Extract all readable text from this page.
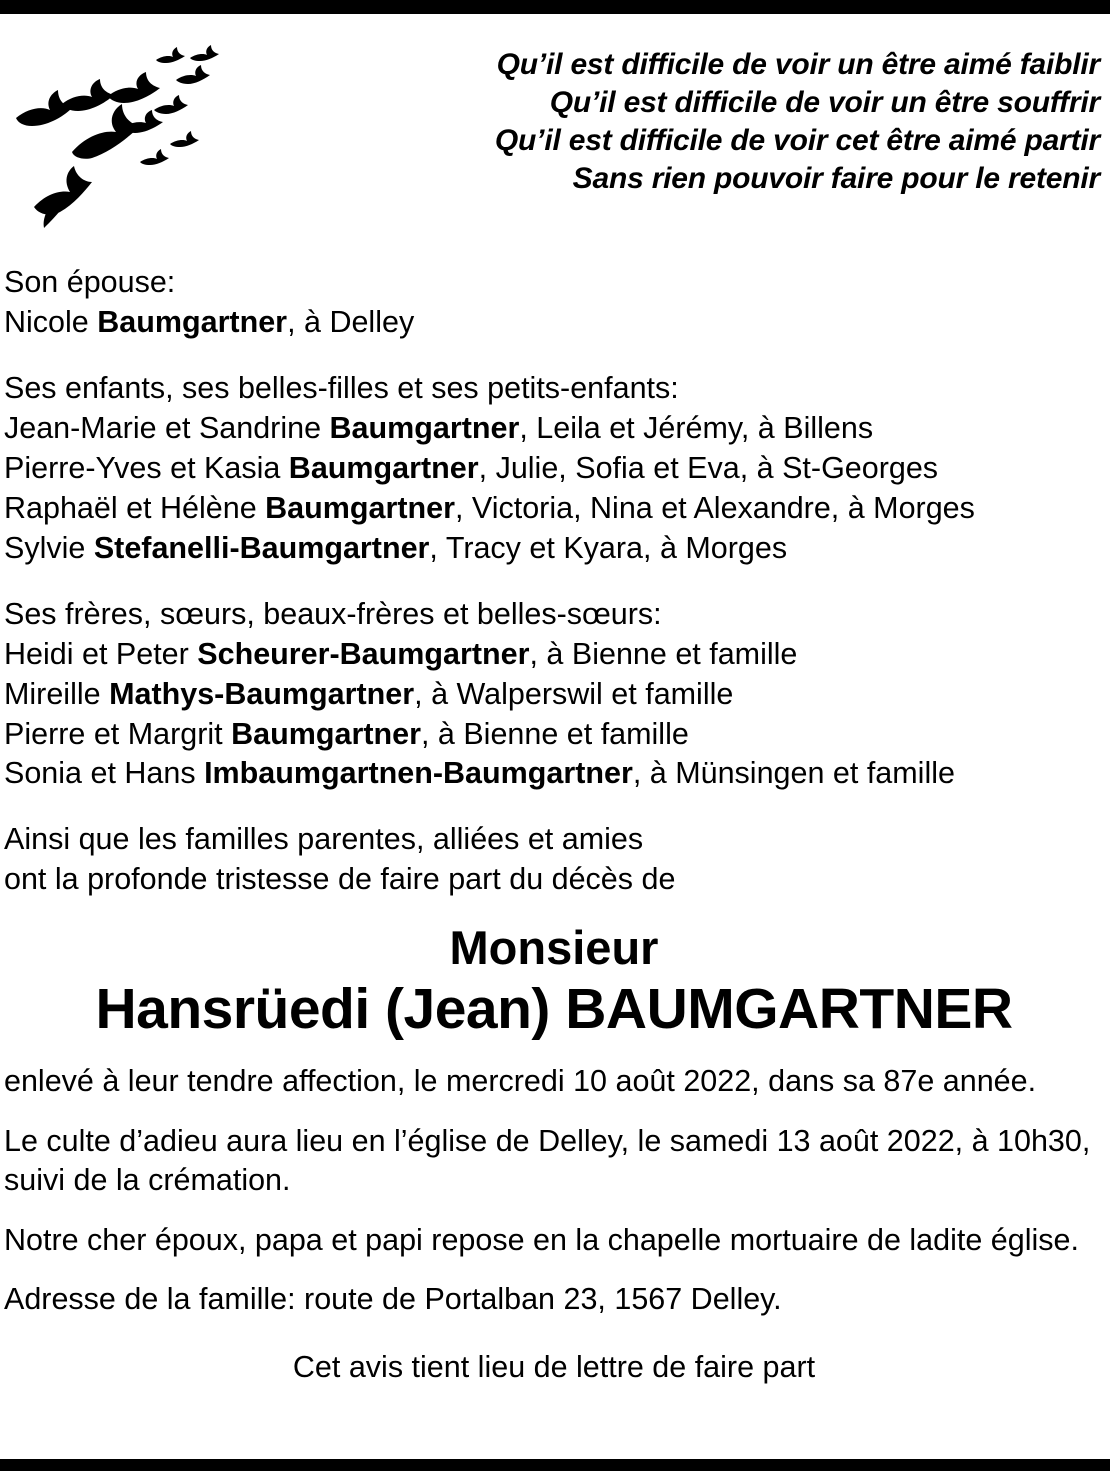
Qu’il est difficile de voir un être aimé faiblir
Qu’il est difficile de voir un être souffrir
Qu’il est difficile de voir cet être aimé partir
Sans rien pouvoir faire pour le retenir
Son épouse:
Nicole Baumgartner, à Delley
Ses enfants, ses belles-filles et ses petits-enfants:
Jean-Marie et Sandrine Baumgartner, Leila et Jérémy, à Billens
Pierre-Yves et Kasia Baumgartner, Julie, Sofia et Eva, à St-Georges
Raphaël et Hélène Baumgartner, Victoria, Nina et Alexandre, à Morges
Sylvie Stefanelli-Baumgartner, Tracy et Kyara, à Morges
Ses frères, sœurs, beaux-frères et belles-sœurs:
Heidi et Peter Scheurer-Baumgartner, à Bienne et famille
Mireille Mathys-Baumgartner, à Walperswil et famille
Pierre et Margrit Baumgartner, à Bienne et famille
Sonia et Hans Imbaumgartnen-Baumgartner, à Münsingen et famille
Ainsi que les familles parentes, alliées et amies
ont la profonde tristesse de faire part du décès de
Monsieur
Hansrüedi (Jean) BAUMGARTNER
enlevé à leur tendre affection, le mercredi 10 août 2022, dans sa 87e année.
Le culte d’adieu aura lieu en l’église de Delley, le samedi 13 août 2022, à 10h30,
suivi de la crémation.
Notre cher époux, papa et papi repose en la chapelle mortuaire de ladite église.
Adresse de la famille: route de Portalban 23, 1567 Delley.
Cet avis tient lieu de lettre de faire part
